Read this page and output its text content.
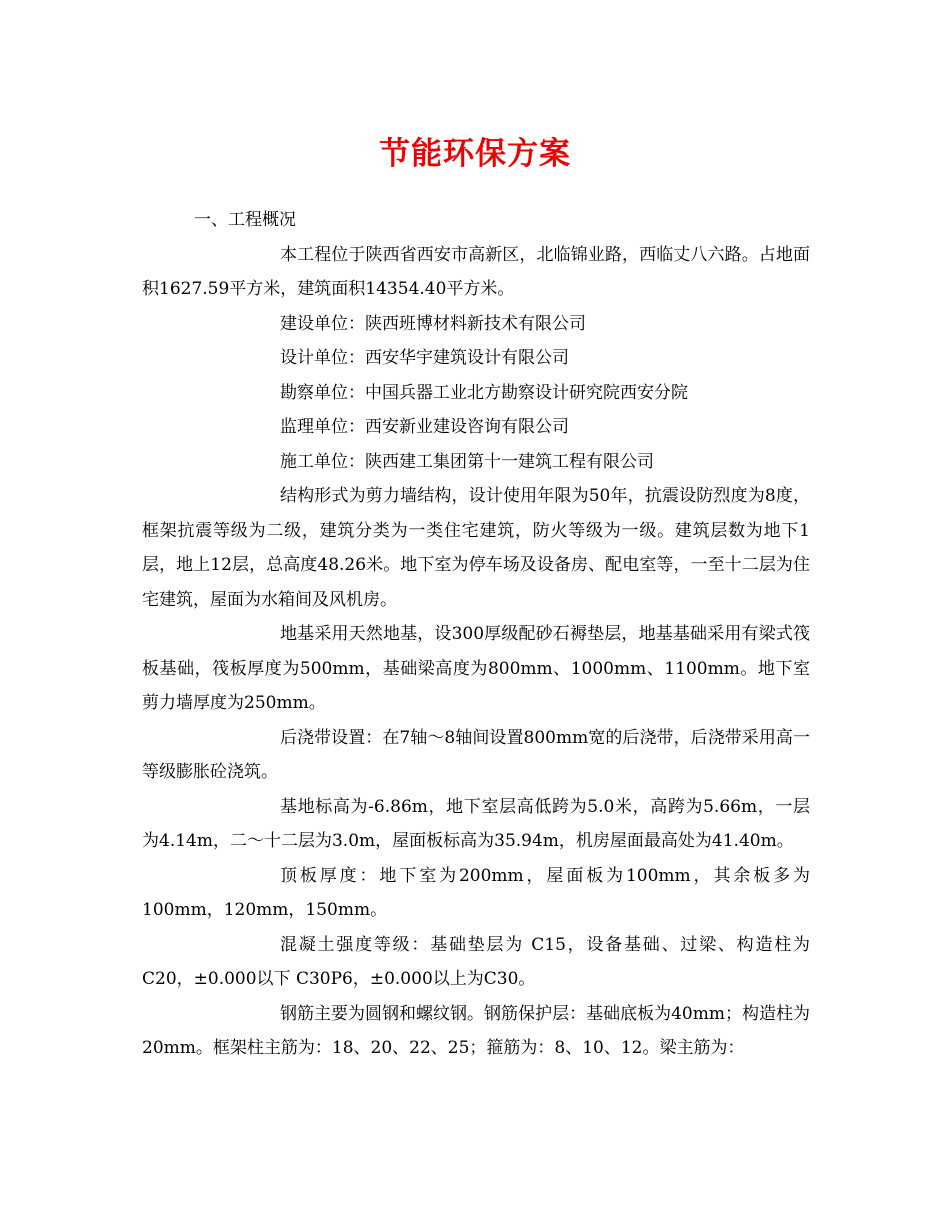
节能环保方案

一、工程概况

本工程位于陕西省西安市高新区，北临锦业路，西临丈八六路。占地面积1627.59平方米，建筑面积14354.40平方米。

建设单位：陕西班博材料新技术有限公司

设计单位：西安华宇建筑设计有限公司

勘察单位：中国兵器工业北方勘察设计研究院西安分院

监理单位：西安新业建设咨询有限公司

施工单位：陕西建工集团第十一建筑工程有限公司

结构形式为剪力墙结构，设计使用年限为50年，抗震设防烈度为8度，框架抗震等级为二级，建筑分类为一类住宅建筑，防火等级为一级。建筑层数为地下1层，地上12层，总高度48.26米。地下室为停车场及设备房、配电室等，一至十二层为住宅建筑，屋面为水箱间及风机房。

地基采用天然地基，设300厚级配砂石褥垫层，地基基础采用有梁式筏板基础，筏板厚度为500mm，基础梁高度为800mm、1000mm、1100mm。地下室剪力墙厚度为250mm。

后浇带设置：在7轴～8轴间设置800mm宽的后浇带，后浇带采用高一等级膨胀砼浇筑。

基地标高为-6.86m，地下室层高低跨为5.0米，高跨为5.66m，一层为4.14m，二～十二层为3.0m，屋面板标高为35.94m，机房屋面最高处为41.40m。

顶板厚度：地下室为200mm，屋面板为100mm，其余板多为100mm，120mm，150mm。

混凝土强度等级：基础垫层为 C15，设备基础、过梁、构造柱为C20，±0.000以下 C30P6，±0.000以上为C30。

钢筋主要为圆钢和螺纹钢。钢筋保护层：基础底板为40mm；构造柱为20mm。框架柱主筋为：18、20、22、25；箍筋为：8、10、12。梁主筋为：
